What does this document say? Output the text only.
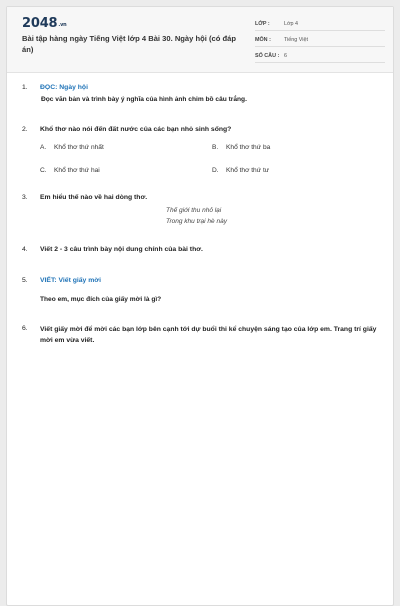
$2048^{.vn}$
Bài tập hàng ngày Tiếng Việt lớp 4 Bài 30. Ngày hội (có đáp án)
LỚP :	Lớp 4
MÔN : Tiếng Việt
SỐ CÂU : 6
1. ĐỌC: Ngày hội
Đọc văn bản và trình bày ý nghĩa của hình ảnh chim bồ câu trắng.
2. Khổ thơ nào nói đến đất nước của các bạn nhỏ sinh sống?
A. Khổ thơ thứ nhất	B. Khổ thơ thứ ba
C. Khổ thơ thứ hai	D. Khổ thơ thứ tư
3. Em hiểu thế nào về hai dòng thơ.
Thế giới thu nhỏ lại
Trong khu trại hè này
4. Viết 2 - 3 câu trình bày nội dung chính của bài thơ.
5. VIẾT: Viết giấy mời
Theo em, mục đích của giấy mời là gì?
6. Viết giấy mời để mời các bạn lớp bên cạnh tới dự buổi thi kể chuyện sáng tạo của lớp em. Trang trí giấy mời em vừa viết.
